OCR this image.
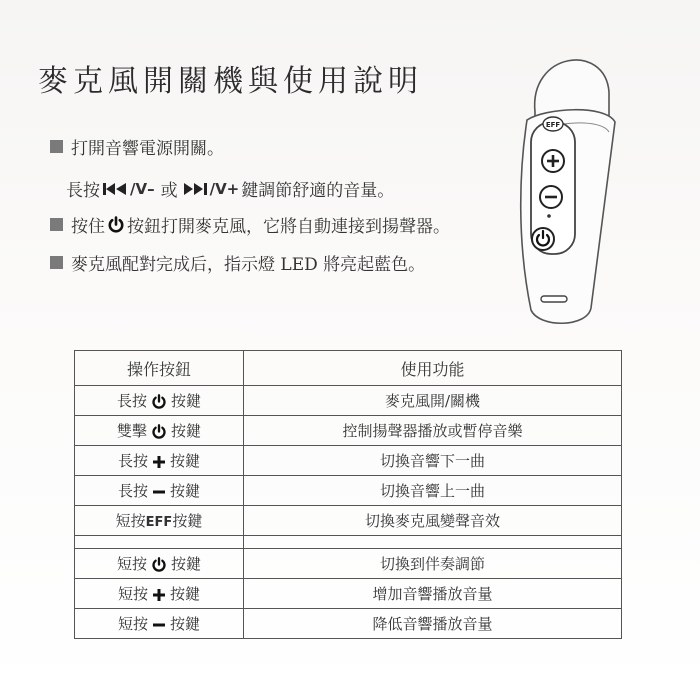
麥克風開關機與使用說明
打開音響電源開關。
長按 /V– 或 /V+ 鍵調節舒適的音量。
按住 按鈕打開麥克風，它將自動連接到揚聲器。
麥克風配對完成后，指示燈 LED 將亮起藍色。
EFF
操作按鈕	使用功能
長按 按鍵	麥克風開/關機
雙擊 按鍵	控制揚聲器播放或暫停音樂
長按 按鍵	切換音響下一曲
長按 按鍵	切換音響上一曲
短按EFF按鍵	切換麥克風變聲音效

短按 按鍵	切換到伴奏調節
短按 按鍵	增加音響播放音量
短按 按鍵	降低音響播放音量
